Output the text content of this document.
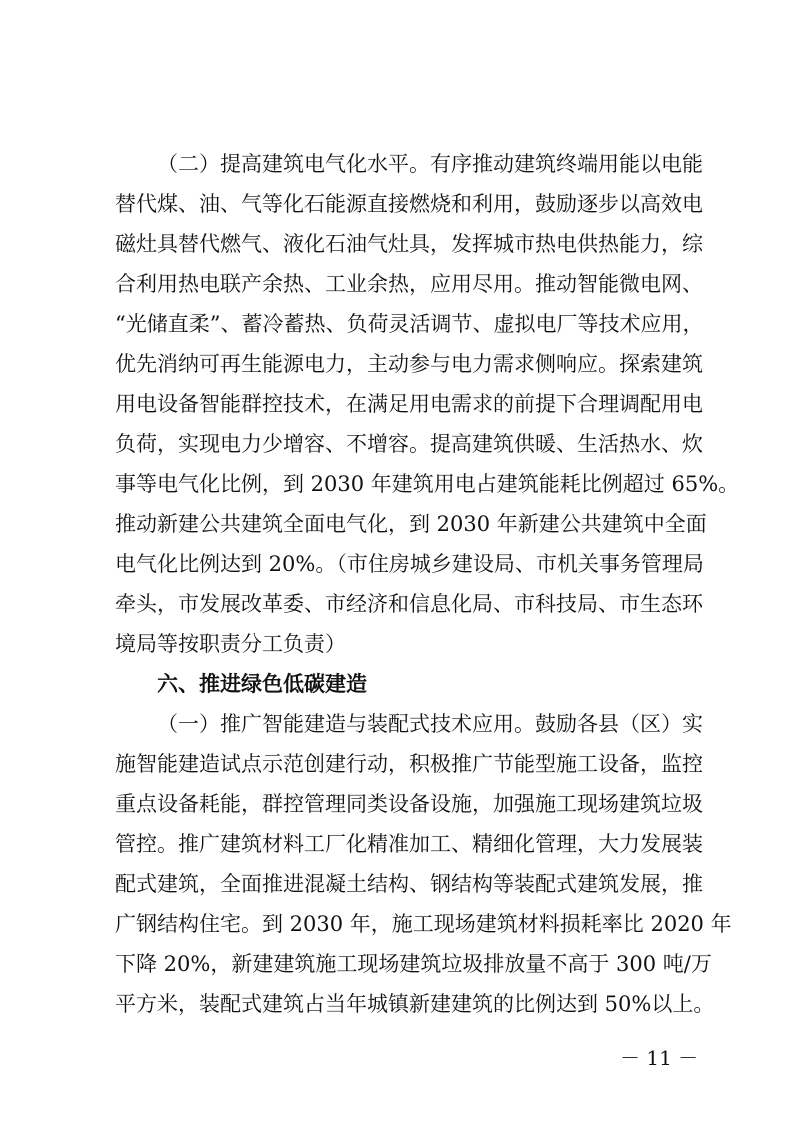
（二）提高建筑电气化水平。有序推动建筑终端用能以电能
替代煤、油、气等化石能源直接燃烧和利用，鼓励逐步以高效电
磁灶具替代燃气、液化石油气灶具，发挥城市热电供热能力，综
合利用热电联产余热、工业余热，应用尽用。推动智能微电网、
“光储直柔”、蓄冷蓄热、负荷灵活调节、虚拟电厂等技术应用，
优先消纳可再生能源电力，主动参与电力需求侧响应。探索建筑
用电设备智能群控技术，在满足用电需求的前提下合理调配用电
负荷，实现电力少增容、不增容。提高建筑供暖、生活热水、炊
事等电气化比例，到 2030 年建筑用电占建筑能耗比例超过 65%。
推动新建公共建筑全面电气化，到 2030 年新建公共建筑中全面
电气化比例达到 20%。（市住房城乡建设局、市机关事务管理局
牵头，市发展改革委、市经济和信息化局、市科技局、市生态环
境局等按职责分工负责）
六、推进绿色低碳建造
（一）推广智能建造与装配式技术应用。鼓励各县（区）实
施智能建造试点示范创建行动，积极推广节能型施工设备，监控
重点设备耗能，群控管理同类设备设施，加强施工现场建筑垃圾
管控。推广建筑材料工厂化精准加工、精细化管理，大力发展装
配式建筑，全面推进混凝土结构、钢结构等装配式建筑发展，推
广钢结构住宅。到 2030 年，施工现场建筑材料损耗率比 2020 年
下降 20%，新建建筑施工现场建筑垃圾排放量不高于 300 吨/万
平方米，装配式建筑占当年城镇新建建筑的比例达到 50%以上。
－ 11 －
